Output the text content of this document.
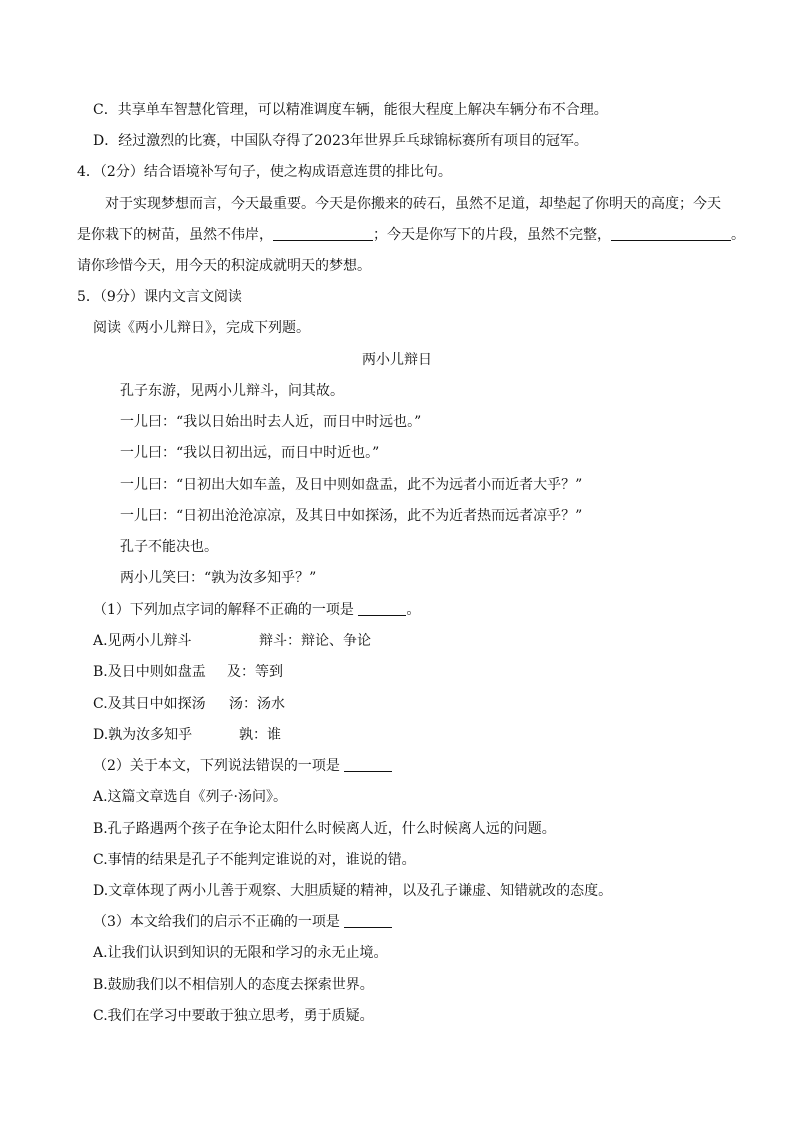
C．共享单车智慧化管理，可以精准调度车辆，能很大程度上解决车辆分布不合理。
D．经过激烈的比赛，中国队夺得了2023年世界乒乓球锦标赛所有项目的冠军。
4．（2分）结合语境补写句子，使之构成语意连贯的排比句。
对于实现梦想而言，今天最重要。今天是你搬来的砖石，虽然不足道，却垫起了你明天的高度；今天
是你栽下的树苗，虽然不伟岸，	；今天是你写下的片段，虽然不完整，	。
请你珍惜今天，用今天的积淀成就明天的梦想。
5．（9分）课内文言文阅读
阅读《两小儿辩日》，完成下列题。
两小儿辩日
孔子东游，见两小儿辩斗，问其故。
一儿曰：“我以日始出时去人近，而日中时远也。”
一儿曰：“我以日初出远，而日中时近也。”
一儿曰：“日初出大如车盖，及日中则如盘盂，此不为远者小而近者大乎？”
一儿曰：“日初出沧沧凉凉，及其日中如探汤，此不为近者热而远者凉乎？”
孔子不能决也。
两小儿笑曰：“孰为汝多知乎？”
（1）下列加点字词的解释不正确的一项是	。
A.见两小儿辩斗	辩斗：辩论、争论
B.及日中则如盘盂 及：等到
C.及其日中如探汤 汤：汤水
D.孰为汝多知乎	孰：谁
（2）关于本文，下列说法错误的一项是
A.这篇文章选自《列子·汤问》。
B.孔子路遇两个孩子在争论太阳什么时候离人近，什么时候离人远的问题。
C.事情的结果是孔子不能判定谁说的对，谁说的错。
D.文章体现了两小儿善于观察、大胆质疑的精神，以及孔子谦虚、知错就改的态度。
（3）本文给我们的启示不正确的一项是
A.让我们认识到知识的无限和学习的永无止境。
B.鼓励我们以不相信别人的态度去探索世界。
C.我们在学习中要敢于独立思考，勇于质疑。
